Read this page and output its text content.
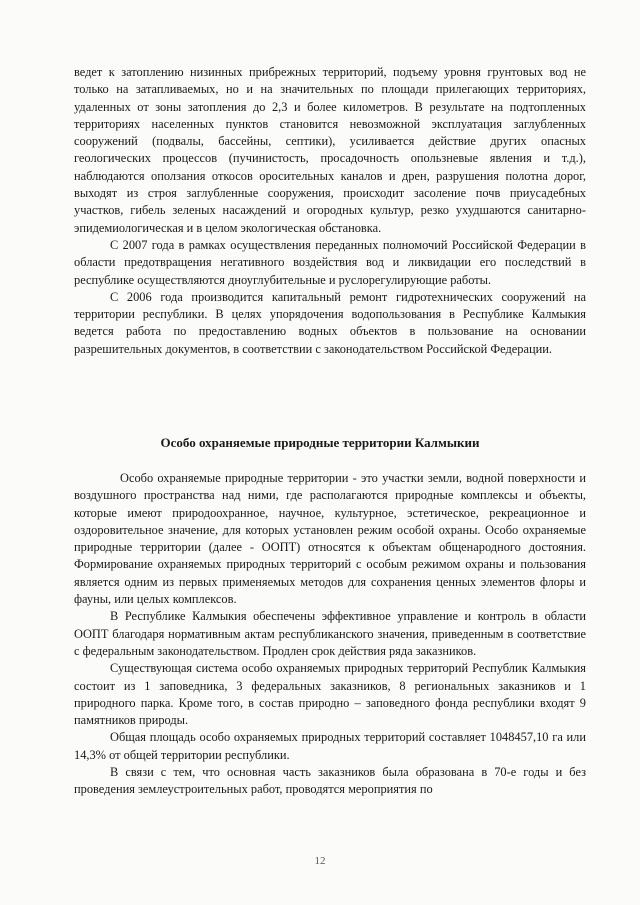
ведет к затоплению низинных прибрежных территорий, подъему уровня грунтовых вод не только на затапливаемых, но и на значительных по площади прилегающих территориях, удаленных от зоны затопления до 2,3 и более километров. В результате на подтопленных территориях населенных пунктов становится невозможной эксплуатация заглубленных сооружений (подвалы, бассейны, септики), усиливается действие других опасных геологических процессов (пучинистость, просадочность опользневые явления и т.д.), наблюдаются оползания откосов оросительных каналов и дрен, разрушения полотна дорог, выходят из строя заглубленные сооружения, происходит засоление почв приусадебных участков, гибель зеленых насаждений и огородных культур, резко ухудшаются санитарно-эпидемиологическая и в целом экологическая обстановка.

С 2007 года в рамках осуществления переданных полномочий Российской Федерации в области предотвращения негативного воздействия вод и ликвидации его последствий в республике осуществляются дноуглубительные и руслорегулирующие работы.

С 2006 года производится капитальный ремонт гидротехнических сооружений на территории республики. В целях упорядочения водопользования в Республике Калмыкия ведется работа по предоставлению водных объектов в пользование на основании разрешительных документов, в соответствии с законодательством Российской Федерации.

Особо охраняемые природные территории Калмыкии

Особо охраняемые природные территории - это участки земли, водной поверхности и воздушного пространства над ними, где располагаются природные комплексы и объекты, которые имеют природоохранное, научное, культурное, эстетическое, рекреационное и оздоровительное значение, для которых установлен режим особой охраны. Особо охраняемые природные территории (далее - ООПТ) относятся к объектам общенародного достояния. Формирование охраняемых природных территорий с особым режимом охраны и пользования является одним из первых применяемых методов для сохранения ценных элементов флоры и фауны, или целых комплексов.

В Республике Калмыкия обеспечены эффективное управление и контроль в области ООПТ благодаря нормативным актам республиканского значения, приведенным в соответствие с федеральным законодательством. Продлен срок действия ряда заказников.

Существующая система особо охраняемых природных территорий Республик Калмыкия состоит из 1 заповедника, 3 федеральных заказников, 8 региональных заказников и 1 природного парка. Кроме того, в состав природно – заповедного фонда республики входят 9 памятников природы.

Общая площадь особо охраняемых природных территорий составляет 1048457,10 га или 14,3% от общей территории республики.

В связи с тем, что основная часть заказников была образована в 70-е годы и без проведения землеустроительных работ, проводятся мероприятия по

12
